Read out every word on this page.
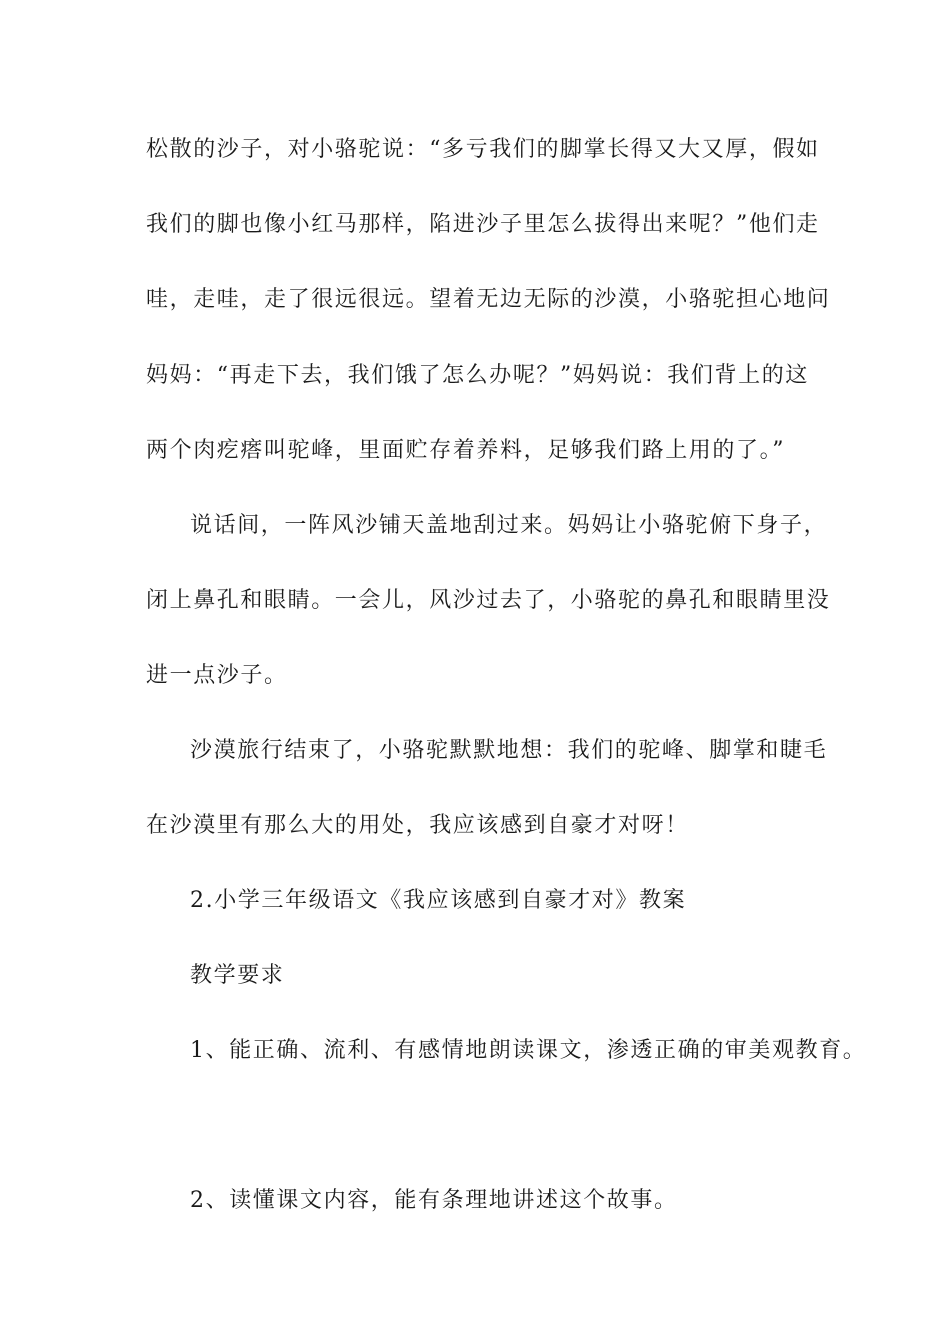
松散的沙子，对小骆驼说：“多亏我们的脚掌长得又大又厚，假如
我们的脚也像小红马那样，陷进沙子里怎么拔得出来呢？”他们走
哇，走哇，走了很远很远。望着无边无际的沙漠，小骆驼担心地问
妈妈：“再走下去，我们饿了怎么办呢？”妈妈说：我们背上的这
两个肉疙瘩叫驼峰，里面贮存着养料，足够我们路上用的了。”
说话间，一阵风沙铺天盖地刮过来。妈妈让小骆驼俯下身子，
闭上鼻孔和眼睛。一会儿，风沙过去了，小骆驼的鼻孔和眼睛里没
进一点沙子。
沙漠旅行结束了，小骆驼默默地想：我们的驼峰、脚掌和睫毛
在沙漠里有那么大的用处，我应该感到自豪才对呀！
2.小学三年级语文《我应该感到自豪才对》教案
教学要求
1、能正确、流利、有感情地朗读课文，渗透正确的审美观教育。
2、读懂课文内容，能有条理地讲述这个故事。
